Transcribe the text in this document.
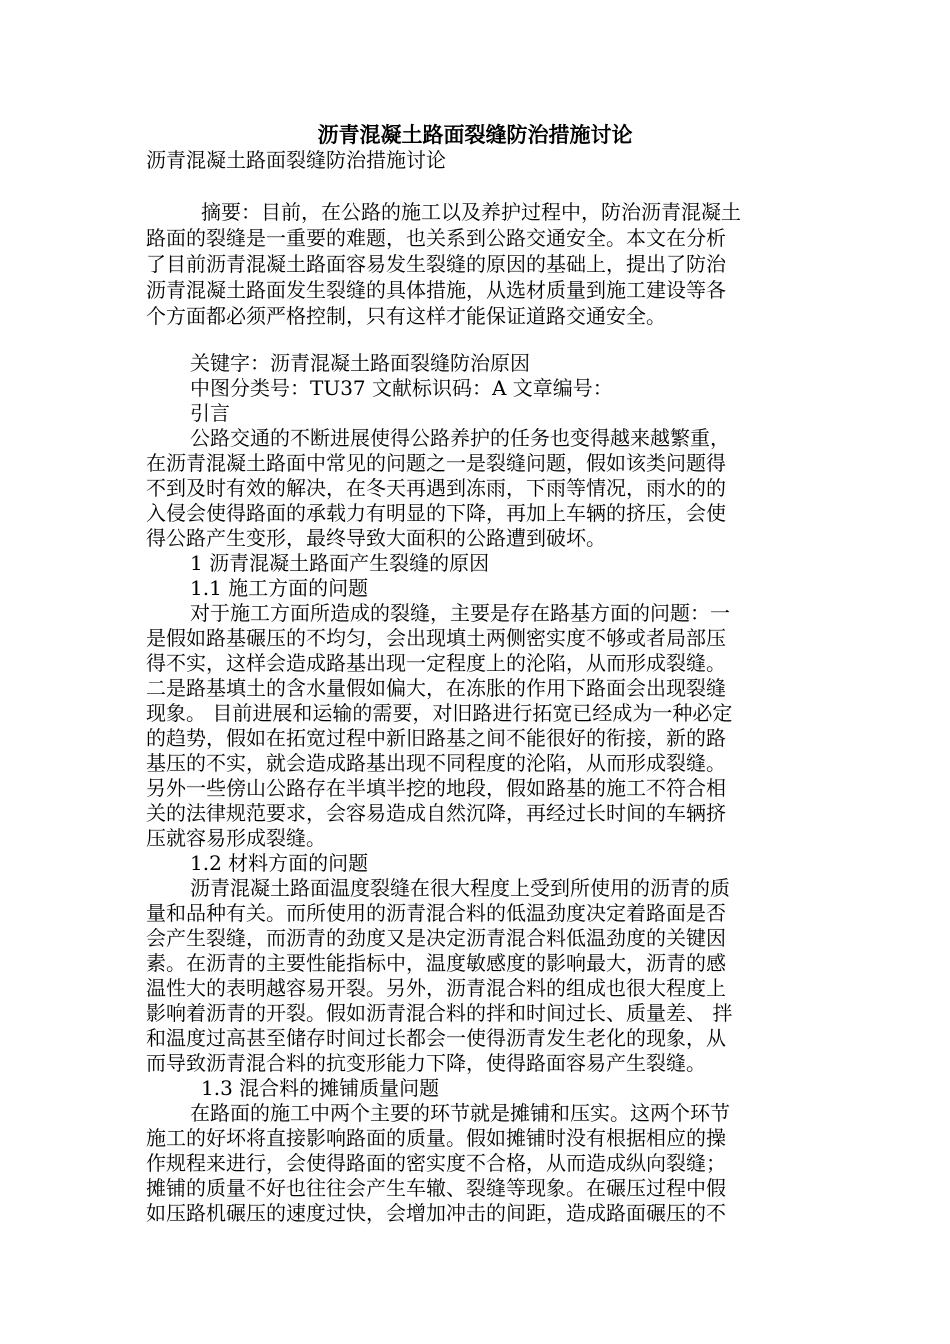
沥青混凝土路面裂缝防治措施讨论
沥青混凝土路面裂缝防治措施讨论
摘要：目前，在公路的施工以及养护过程中，防治沥青混凝土
路面的裂缝是一重要的难题，也关系到公路交通安全。本文在分析
了目前沥青混凝土路面容易发生裂缝的原因的基础上，提出了防治
沥青混凝土路面发生裂缝的具体措施，从选材质量到施工建设等各
个方面都必须严格控制，只有这样才能保证道路交通安全。
关键字：沥青混凝土路面裂缝防治原因
中图分类号：TU37 文献标识码：A 文章编号：
引言
公路交通的不断进展使得公路养护的任务也变得越来越繁重，
在沥青混凝土路面中常见的问题之一是裂缝问题，假如该类问题得
不到及时有效的解决，在冬天再遇到冻雨，下雨等情况，雨水的的
入侵会使得路面的承载力有明显的下降，再加上车辆的挤压，会使
得公路产生变形，最终导致大面积的公路遭到破坏。
1 沥青混凝土路面产生裂缝的原因
1.1 施工方面的问题
对于施工方面所造成的裂缝，主要是存在路基方面的问题：一
是假如路基碾压的不均匀，会出现填土两侧密实度不够或者局部压
得不实，这样会造成路基出现一定程度上的沦陷，从而形成裂缝。
二是路基填土的含水量假如偏大，在冻胀的作用下路面会出现裂缝
现象。 目前进展和运输的需要，对旧路进行拓宽已经成为一种必定
的趋势，假如在拓宽过程中新旧路基之间不能很好的衔接，新的路
基压的不实，就会造成路基出现不同程度的沦陷，从而形成裂缝。
另外一些傍山公路存在半填半挖的地段，假如路基的施工不符合相
关的法律规范要求，会容易造成自然沉降，再经过长时间的车辆挤
压就容易形成裂缝。
1.2 材料方面的问题
沥青混凝土路面温度裂缝在很大程度上受到所使用的沥青的质
量和品种有关。而所使用的沥青混合料的低温劲度决定着路面是否
会产生裂缝，而沥青的劲度又是决定沥青混合料低温劲度的关键因
素。在沥青的主要性能指标中，温度敏感度的影响最大，沥青的感
温性大的表明越容易开裂。另外，沥青混合料的组成也很大程度上
影响着沥青的开裂。假如沥青混合料的拌和时间过长、质量差、 拌
和温度过高甚至储存时间过长都会一使得沥青发生老化的现象，从
而导致沥青混合料的抗变形能力下降，使得路面容易产生裂缝。
1.3 混合料的摊铺质量问题
在路面的施工中两个主要的环节就是摊铺和压实。这两个环节
施工的好坏将直接影响路面的质量。假如摊铺时没有根据相应的操
作规程来进行，会使得路面的密实度不合格，从而造成纵向裂缝；
摊铺的质量不好也往往会产生车辙、裂缝等现象。在碾压过程中假
如压路机碾压的速度过快，会增加冲击的间距，造成路面碾压的不
